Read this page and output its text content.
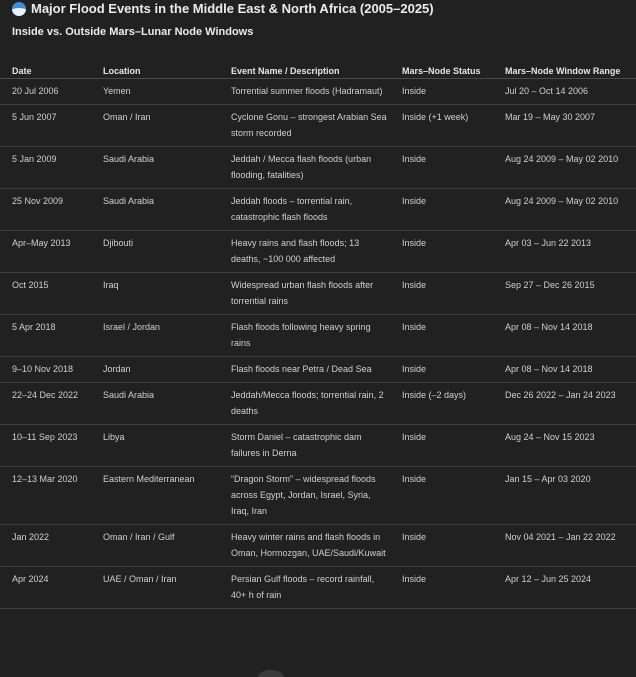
Major Flood Events in the Middle East & North Africa (2005–2025)
Inside vs. Outside Mars–Lunar Node Windows
Date	Location	Event Name / Description	Mars–Node Status	Mars–Node Window Range
20 Jul 2006	Yemen	Torrential summer floods (Hadramaut)	Inside	Jul 20 – Oct 14 2006
5 Jun 2007	Oman / Iran	Cyclone Gonu – strongest Arabian Sea storm recorded	Inside (+1 week)	Mar 19 – May 30 2007
5 Jan 2009	Saudi Arabia	Jeddah / Mecca flash floods (urban flooding, fatalities)	Inside	Aug 24 2009 – May 02 2010
25 Nov 2009	Saudi Arabia	Jeddah floods – torrential rain, catastrophic flash floods	Inside	Aug 24 2009 – May 02 2010
Apr–May 2013	Djibouti	Heavy rains and flash floods; 13 deaths, ~100 000 affected	Inside	Apr 03 – Jun 22 2013
Oct 2015	Iraq	Widespread urban flash floods after torrential rains	Inside	Sep 27 – Dec 26 2015
5 Apr 2018	Israel / Jordan	Flash floods following heavy spring rains	Inside	Apr 08 – Nov 14 2018
9–10 Nov 2018	Jordan	Flash floods near Petra / Dead Sea	Inside	Apr 08 – Nov 14 2018
22–24 Dec 2022	Saudi Arabia	Jeddah/Mecca floods; torrential rain, 2 deaths	Inside (–2 days)	Dec 26 2022 – Jan 24 2023
10–11 Sep 2023	Libya	Storm Daniel – catastrophic dam failures in Derna	Inside	Aug 24 – Nov 15 2023
12–13 Mar 2020	Eastern Mediterranean	“Dragon Storm” – widespread floods across Egypt, Jordan, Israel, Syria, Iraq, Iran	Inside	Jan 15 – Apr 03 2020
Jan 2022	Oman / Iran / Gulf	Heavy winter rains and flash floods in Oman, Hormozgan, UAE/Saudi/Kuwait	Inside	Nov 04 2021 – Jan 22 2022
Apr 2024	UAE / Oman / Iran	Persian Gulf floods – record rainfall, 40+ h of rain	Inside	Apr 12 – Jun 25 2024
